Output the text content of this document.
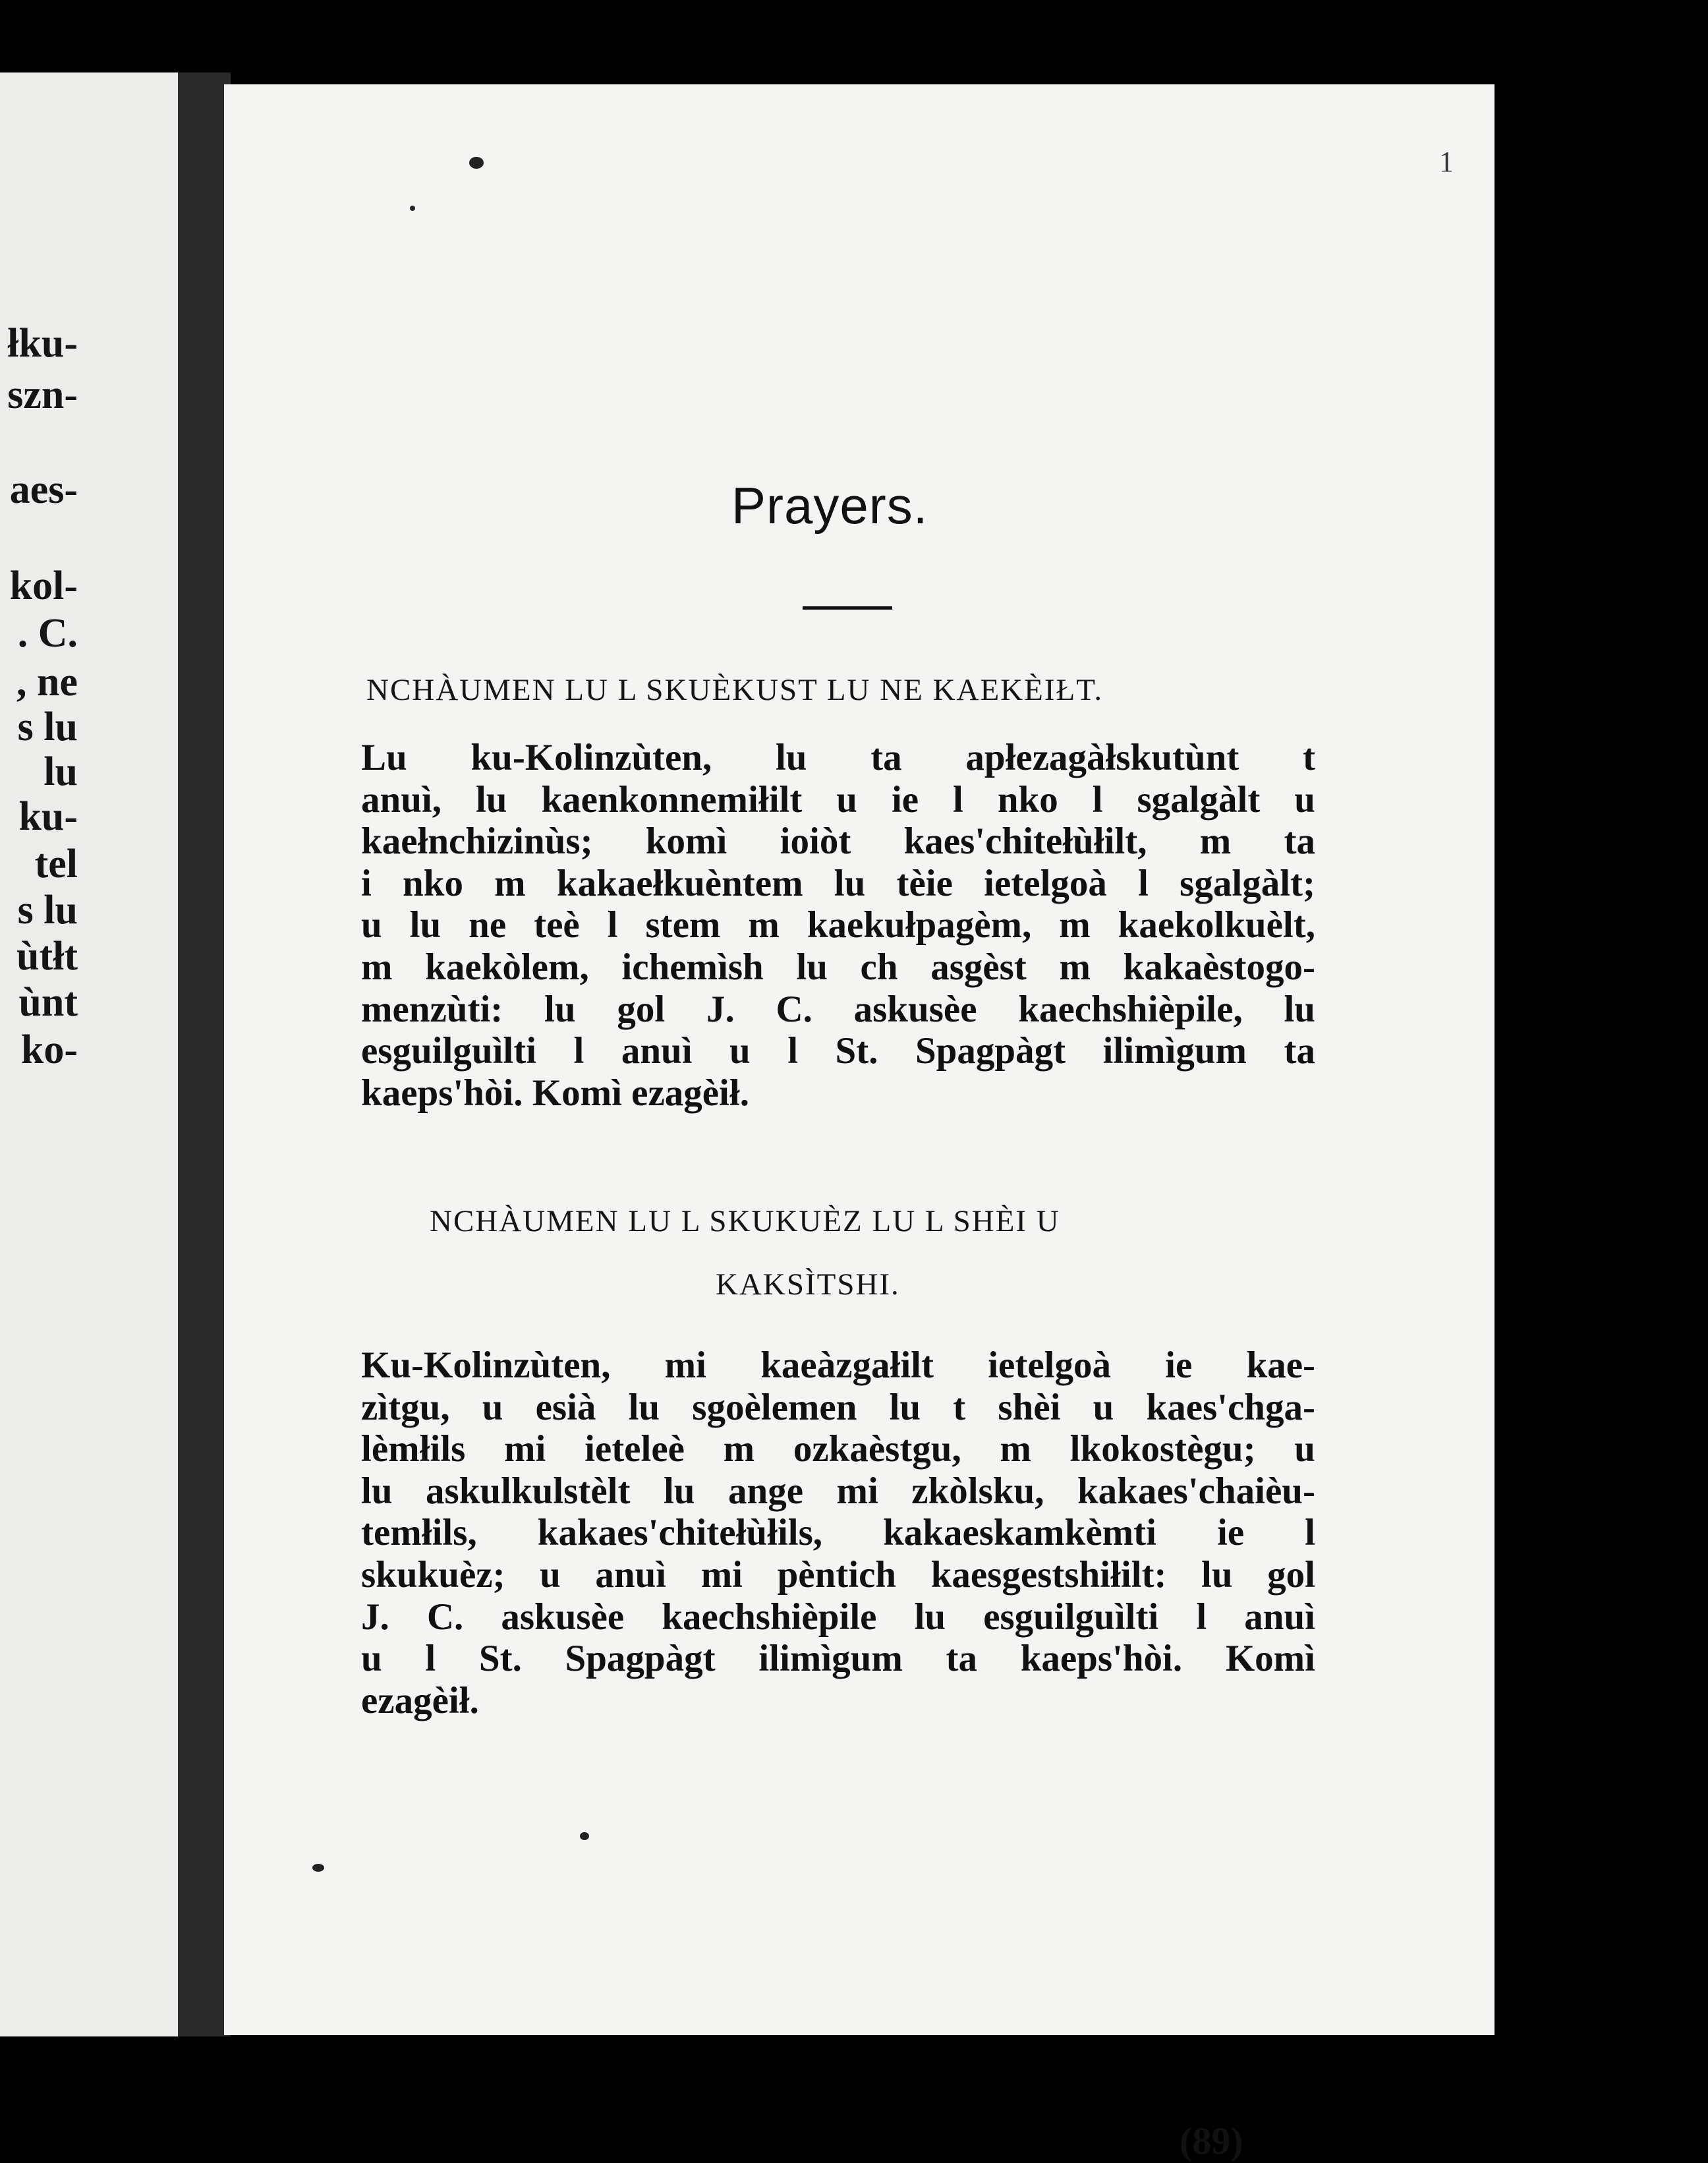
łku-
szn-
aes-
kol-
. C.
, ne
s lu
lu
ku-
tel
s lu
ùtłt
ùnt
ko-
1
Prayers.
NCHÀUMEN LU L SKUÈKUST LU NE KAEKÈIŁT.
Lu ku-Kolinzùten, lu ta apłezagàłskutùnt t
anuì, lu kaenkonnemiłilt u ie l nko l sgalgàlt u
kaełnchizinùs; komì ioiòt kaes'chitełùłilt, m ta
i nko m kakaełkuèntem lu tèie ietelgoà l sgalgàlt;
u lu ne teè l stem m kaekułpagèm, m kaekolkuèlt,
m kaekòlem, ichemìsh lu ch asgèst m kakaèstogo-
menzùti: lu gol J. C. askusèe kaechshièpile, lu
esguilguìlti l anuì u l St. Spagpàgt ilimìgum ta
kaeps'hòi. Komì ezagèił.
NCHÀUMEN LU L SKUKUÈZ LU L SHÈI U
KAKSÌTSHI.
Ku-Kolinzùten, mi kaeàzgałilt ietelgoà ie kae-
zìtgu, u esià lu sgoèlemen lu t shèi u kaes'chga-
lèmłils mi ieteleè m ozkaèstgu, m lkokostègu; u
lu askulkulstèlt lu ange mi zkòlsku, kakaes'chaièu-
temłils, kakaes'chitełùłils, kakaeskamkèmti ie l
skukuèz; u anuì mi pèntich kaesgestshiłilt: lu gol
J. C. askusèe kaechshièpile lu esguilguìlti l anuì
u l St. Spagpàgt ilimìgum ta kaeps'hòi. Komì
ezagèił.
(89)
